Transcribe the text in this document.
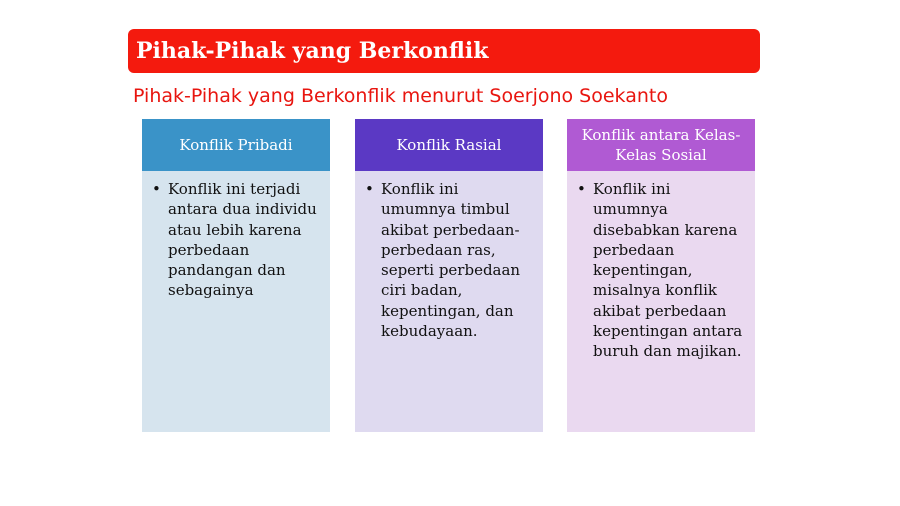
Pihak-Pihak yang Berkonflik
Pihak-Pihak yang Berkonflik menurut Soerjono Soekanto
Konflik Pribadi
• Konflik ini terjadi antara dua individu atau lebih karena perbedaan pandangan dan sebagainya
Konflik Rasial
• Konflik ini umumnya timbul akibat perbedaan-perbedaan ras, seperti perbedaan ciri badan, kepentingan, dan kebudayaan.
Konflik antara Kelas-Kelas Sosial
• Konflik ini umumnya disebabkan karena perbedaan kepentingan, misalnya konflik akibat perbedaan kepentingan antara buruh dan majikan.
